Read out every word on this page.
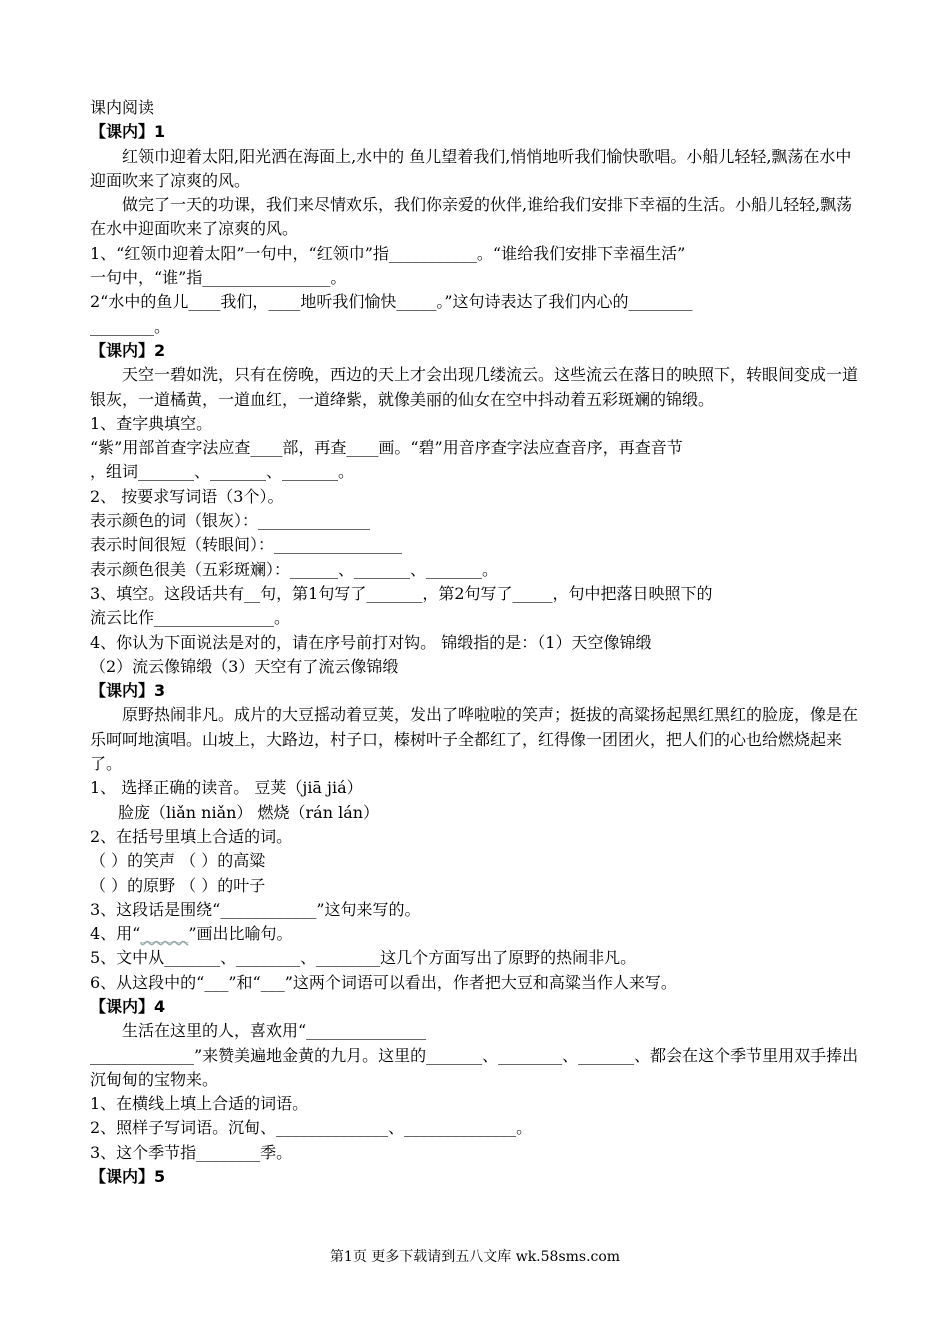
课内阅读
【课内】1
红领巾迎着太阳,阳光洒在海面上,水中的 鱼儿望着我们,悄悄地听我们愉快歌唱。小船儿轻轻,飘荡在水中迎面吹来了凉爽的风。
做完了一天的功课，我们来尽情欢乐，我们你亲爱的伙伴,谁给我们安排下幸福的生活。小船儿轻轻,飘荡在水中迎面吹来了凉爽的风。
1、“红领巾迎着太阳”一句中，“红领巾”指___________。“谁给我们安排下幸福生活”
一句中，“谁”指________________。
2“水中的鱼儿____我们，____地听我们愉快_____。”这句诗表达了我们内心的________
________。
【课内】2
天空一碧如洗，只有在傍晚，西边的天上才会出现几缕流云。这些流云在落日的映照下，转眼间变成一道银灰，一道橘黄，一道血红，一道绛紫，就像美丽的仙女在空中抖动着五彩斑斓的锦缎。
1、查字典填空。
“紫”用部首查字法应查____部，再查____画。“碧”用音序查字法应查音序，再查音节
，组词_______、_______、_______。
2、 按要求写词语（3个）。
表示颜色的词（银灰）：______________
表示时间很短（转眼间）：________________
表示颜色很美（五彩斑斓）：______、_______、_______。
3、填空。这段话共有__句，第1句写了_______，第2句写了_____，句中把落日映照下的
流云比作_______________。
4、你认为下面说法是对的，请在序号前打对钩。 锦缎指的是：（1）天空像锦缎
（2）流云像锦缎（3）天空有了流云像锦缎
【课内】3
原野热闹非凡。成片的大豆摇动着豆荚，发出了哗啦啦的笑声；挺拔的高粱扬起黑红黑红的脸庞，像是在乐呵呵地演唱。山坡上，大路边，村子口，榛树叶子全都红了，红得像一团团火，把人们的心也给燃烧起来了。
1、 选择正确的读音。 豆荚（jiā jiá）
脸庞（liǎn niǎn） 燃烧（rán lán）
2、在括号里填上合适的词。
（ ）的笑声 （ ）的高粱
（ ）的原野 （ ）的叶子
3、这段话是围绕“____________”这句来写的。
4、用“______”画出比喻句。
5、文中从_______、________、________这几个方面写出了原野的热闹非凡。
6、从这段中的“___”和“___”这两个词语可以看出，作者把大豆和高粱当作人来写。
【课内】4
生活在这里的人，喜欢用“_______________
_____________”来赞美遍地金黄的九月。这里的_______、________、_______、都会在这个季节里用双手捧出沉甸甸的宝物来。
1、在横线上填上合适的词语。
2、照样子写词语。沉甸、______________、______________。
3、这个季节指________季。
【课内】5
第1页 更多下载请到五八文库 wk.58sms.com
